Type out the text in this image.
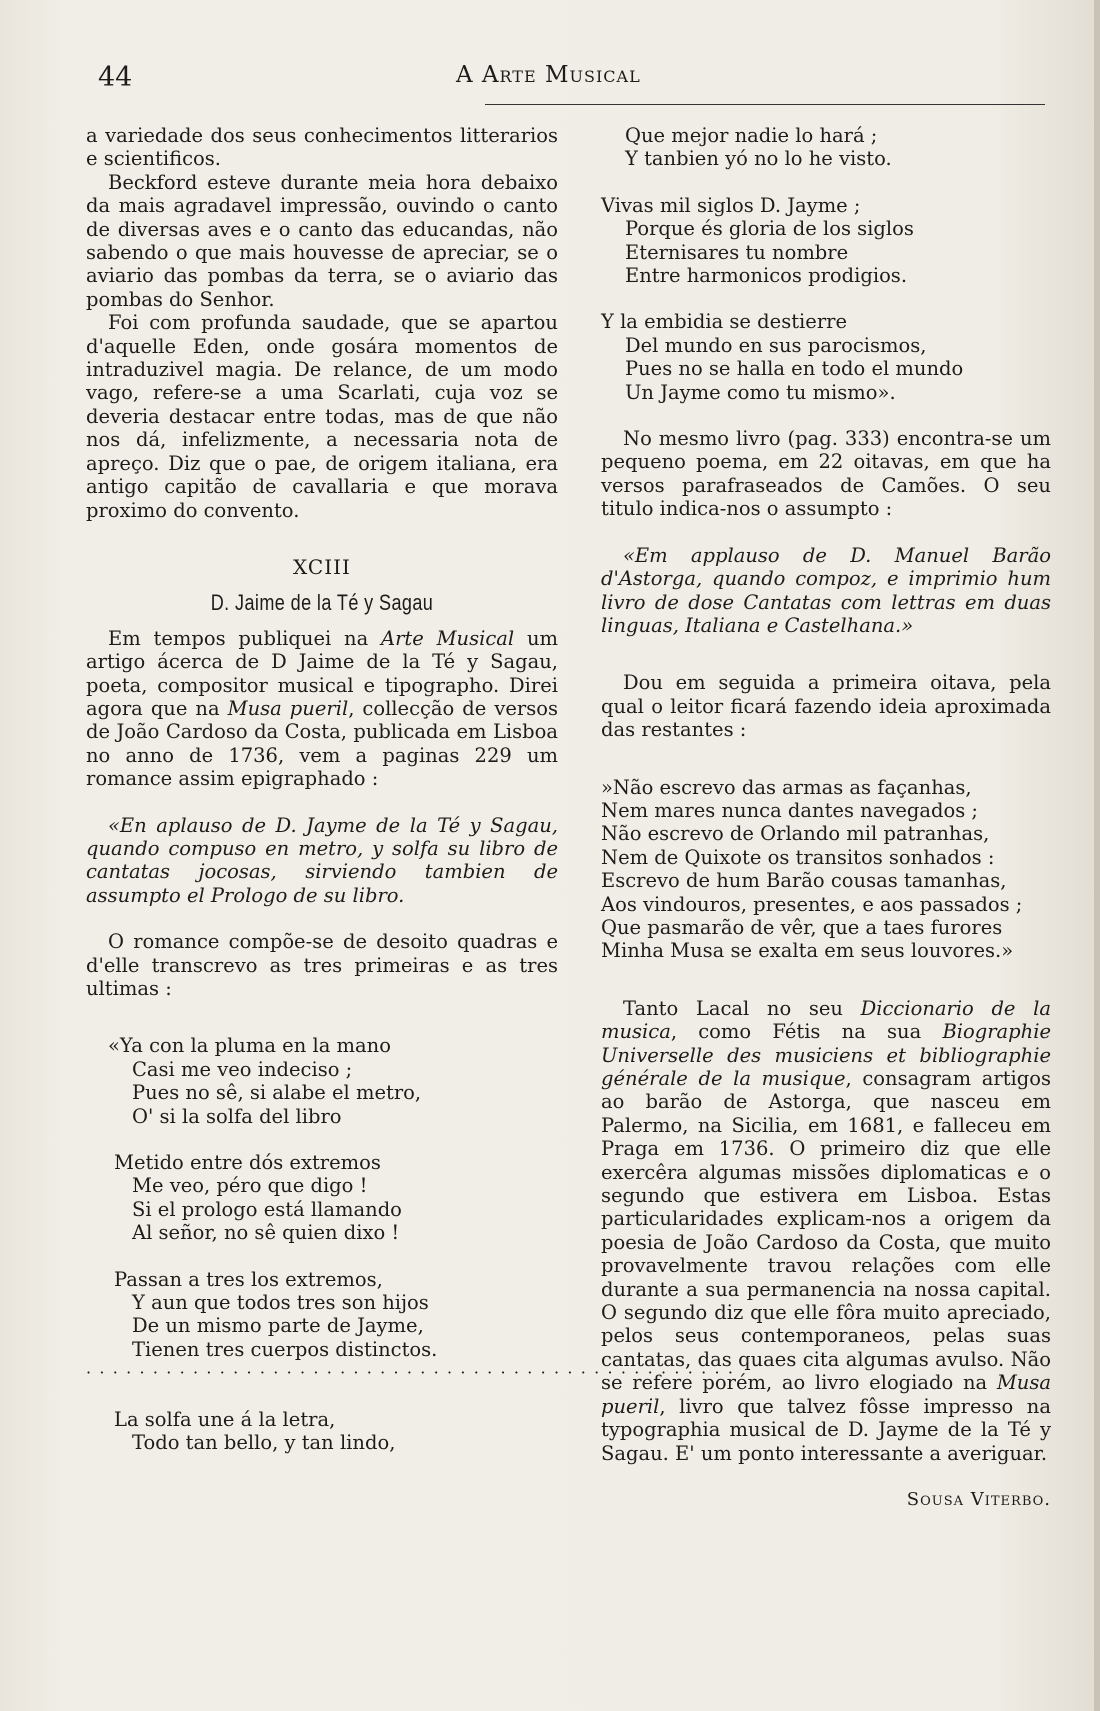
44	A Arte Musical

a variedade dos seus conhecimentos litterarios e scientificos.

Beckford esteve durante meia hora debaixo da mais agradavel impressão, ouvindo o canto de diversas aves e o canto das educandas, não sabendo o que mais houvesse de apreciar, se o aviario das pombas da terra, se o aviario das pombas do Senhor.

Foi com profunda saudade, que se apartou d'aquelle Eden, onde gosára momentos de intraduzivel magia. De relance, de um modo vago, refere-se a uma Scarlati, cuja voz se deveria destacar entre todas, mas de que não nos dá, infelizmente, a necessaria nota de apreço. Diz que o pae, de origem italiana, era antigo capitão de cavallaria e que morava proximo do convento.

XCIII

D. Jaime de la Té y Sagau

Em tempos publiquei na Arte Musical um artigo ácerca de D Jaime de la Té y Sagau, poeta, compositor musical e tipographo. Direi agora que na Musa pueril, collecção de versos de João Cardoso da Costa, publicada em Lisboa no anno de 1736, vem a paginas 229 um romance assim epigraphado :

«En aplauso de D. Jayme de la Té y Sagau, quando compuso en metro, y solfa su libro de cantatas jocosas, sirviendo tambien de assumpto el Prologo de su libro.

O romance compõe-se de desoito quadras e d'elle transcrevo as tres primeiras e as tres ultimas :

«Ya con la pluma en la mano
Casi me veo indeciso ;
Pues no sê, si alabe el metro,
O' si la solfa del libro
Metido entre dós extremos
Me veo, péro que digo !
Si el prologo está llamando
Al señor, no sê quien dixo !
Passan a tres los extremos,
Y aun que todos tres son hijos
De un mismo parte de Jayme,
Tienen tres cuerpos distinctos.
· · · · · · · · · · · · · · · · · · · · · · · · · · · · · · · · · · · · · · · · · · · · · · · · ·
La solfa une á la letra,
Todo tan bello, y tan lindo,
Que mejor nadie lo hará ;
Y tanbien yó no lo he visto.
Vivas mil siglos D. Jayme ;
Porque és gloria de los siglos
Eternisares tu nombre
Entre harmonicos prodigios.
Y la embidia se destierre
Del mundo en sus parocismos,
Pues no se halla en todo el mundo
Un Jayme como tu mismo».

No mesmo livro (pag. 333) encontra-se um pequeno poema, em 22 oitavas, em que ha versos parafraseados de Camões. O seu titulo indica-nos o assumpto :

«Em applauso de D. Manuel Barão d'Astorga, quando compoz, e imprimio hum livro de dose Cantatas com lettras em duas linguas, Italiana e Castelhana.»

Dou em seguida a primeira oitava, pela qual o leitor ficará fazendo ideia aproximada das restantes :

»Não escrevo das armas as façanhas,
Nem mares nunca dantes navegados ;
Não escrevo de Orlando mil patranhas,
Nem de Quixote os transitos sonhados :
Escrevo de hum Barão cousas tamanhas,
Aos vindouros, presentes, e aos passados ;
Que pasmarão de vêr, que a taes furores
Minha Musa se exalta em seus louvores.»

Tanto Lacal no seu Diccionario de la musica, como Fétis na sua Biographie Universelle des musiciens et bibliographie générale de la musique, consagram artigos ao barão de Astorga, que nasceu em Palermo, na Sicilia, em 1681, e falleceu em Praga em 1736. O primeiro diz que elle exercêra algumas missões diplomaticas e o segundo que estivera em Lisboa. Estas particularidades explicam-nos a origem da poesia de João Cardoso da Costa, que muito provavelmente travou relações com elle durante a sua permanencia na nossa capital. O segundo diz que elle fôra muito apreciado, pelos seus contemporaneos, pelas suas cantatas, das quaes cita algumas avulso. Não se refere porém, ao livro elogiado na Musa pueril, livro que talvez fôsse impresso na typographia musical de D. Jayme de la Té y Sagau. E' um ponto interessante a averiguar.

Sousa Viterbo.
